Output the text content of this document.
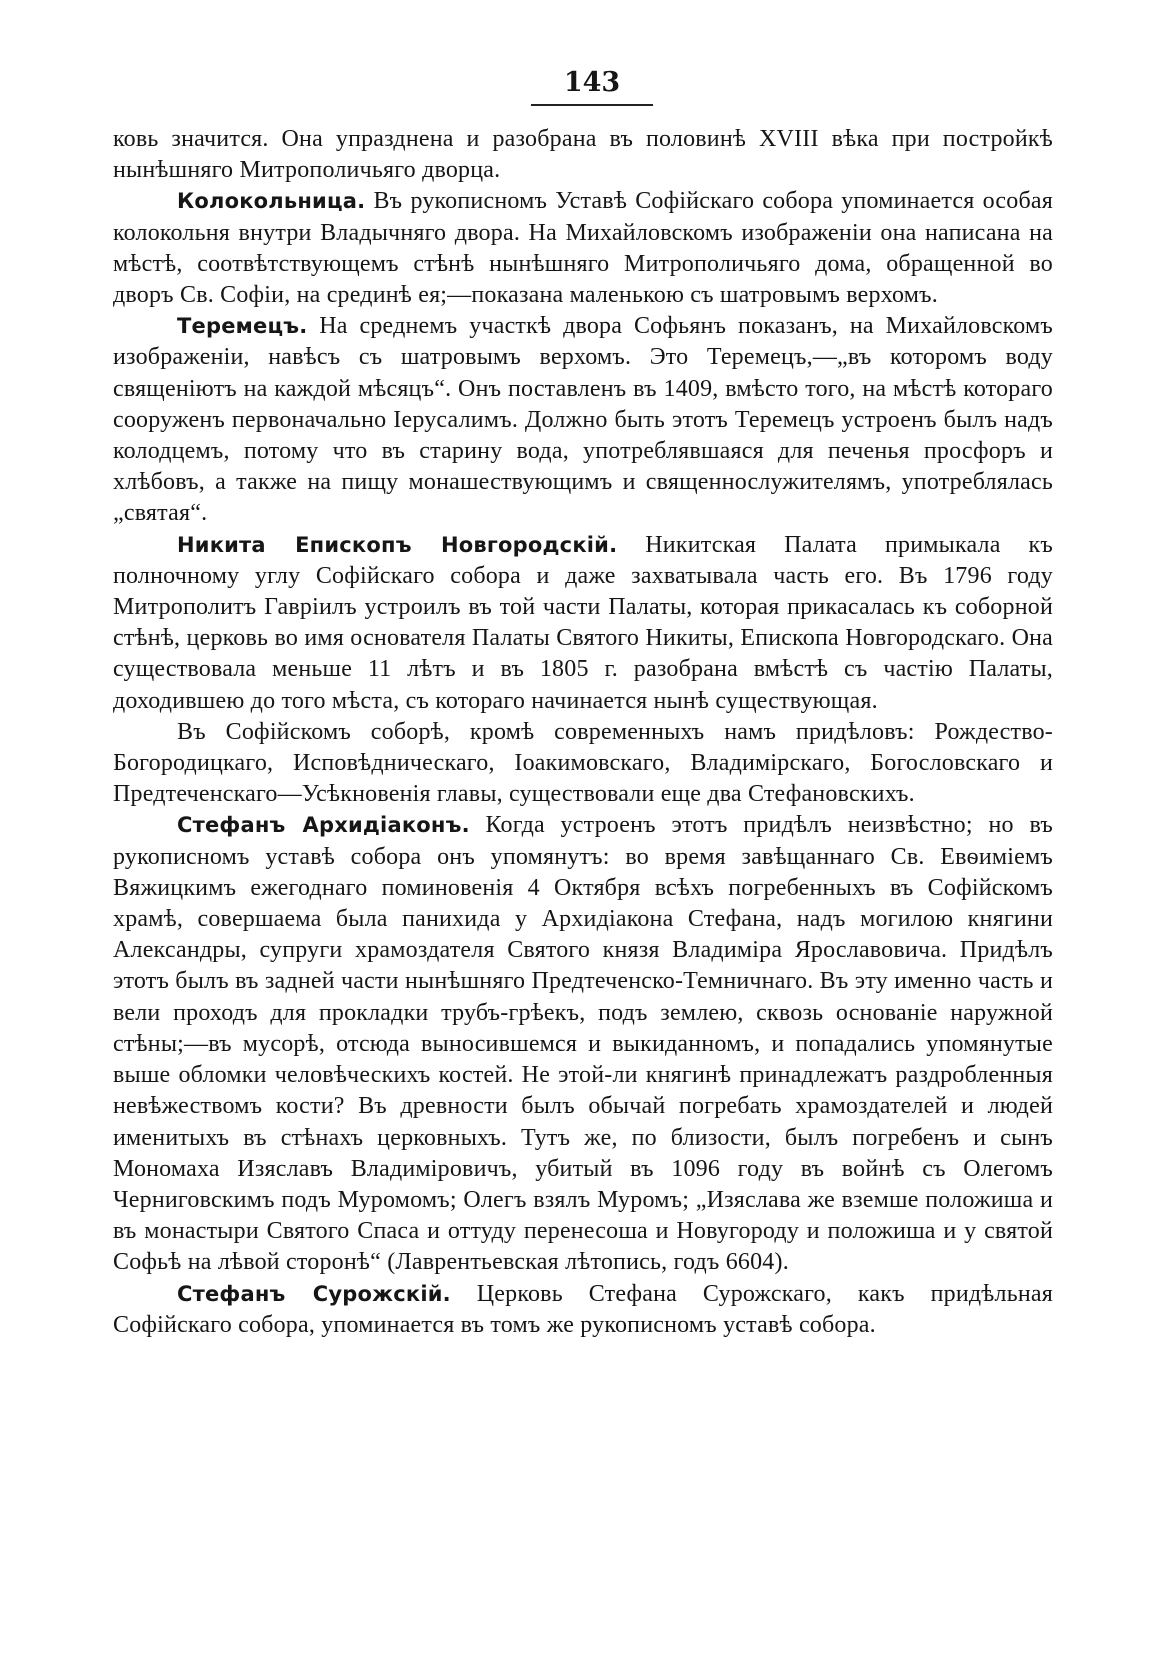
143

ковь значится. Она упразднена и разобрана въ половинѣ XVIII вѣка при постройкѣ нынѣшняго Митрополичьяго дворца.

Колокольница. Въ рукописномъ Уставѣ Софійскаго собора упоминается особая колокольня внутри Владычняго двора. На Михайловскомъ изображеніи она написана на мѣстѣ, соотвѣтствующемъ стѣнѣ нынѣшняго Митрополичьяго дома, обращенной во дворъ Св. Софіи, на срединѣ ея;—показана маленькою съ шатровымъ верхомъ.

Теремецъ. На среднемъ участкѣ двора Софьянъ показанъ, на Михайловскомъ изображеніи, навѣсъ съ шатровымъ верхомъ. Это Теремецъ,—„въ которомъ воду священіютъ на каждой мѣсяцъ“. Онъ поставленъ въ 1409, вмѣсто того, на мѣстѣ котораго сооруженъ первоначально Іерусалимъ. Должно быть этотъ Теремецъ устроенъ былъ надъ колодцемъ, потому что въ старину вода, употреблявшаяся для печенья просфоръ и хлѣбовъ, а также на пищу монашествующимъ и священнослужителямъ, употреблялась „святая“.

Никита Епископъ Новгородскій. Никитская Палата примыкала къ полночному углу Софійскаго собора и даже захватывала часть его. Въ 1796 году Митрополитъ Гавріилъ устроилъ въ той части Палаты, которая прикасалась къ соборной стѣнѣ, церковь во имя основателя Палаты Святого Никиты, Епископа Новгородскаго. Она существовала меньше 11 лѣтъ и въ 1805 г. разобрана вмѣстѣ съ частію Палаты, доходившею до того мѣста, съ котораго начинается нынѣ существующая.

Въ Софійскомъ соборѣ, кромѣ современныхъ намъ придѣловъ: Рождество-Богородицкаго, Исповѣдническаго, Іоакимовскаго, Владимірскаго, Богословскаго и Предтеченскаго—Усѣкновенія главы, существовали еще два Стефановскихъ.

Стефанъ Архидіаконъ. Когда устроенъ этотъ придѣлъ неизвѣстно; но въ рукописномъ уставѣ собора онъ упомянутъ: во время завѣщаннаго Св. Евѳиміемъ Вяжицкимъ ежегоднаго поминовенія 4 Октября всѣхъ погребенныхъ въ Софійскомъ храмѣ, совершаема была панихида у Архидіакона Стефана, надъ могилою княгини Александры, супруги храмоздателя Святого князя Владиміра Ярославовича. Придѣлъ этотъ былъ въ задней части нынѣшняго Предтеченско-Темничнаго. Въ эту именно часть и вели проходъ для прокладки трубъ-грѣекъ, подъ землею, сквозь основаніе наружной стѣны;—въ мусорѣ, отсюда выносившемся и выкиданномъ, и попадались упомянутые выше обломки человѣческихъ костей. Не этой-ли княгинѣ принадлежатъ раздробленныя невѣжествомъ кости? Въ древности былъ обычай погребать храмоздателей и людей именитыхъ въ стѣнахъ церковныхъ. Тутъ же, по близости, былъ погребенъ и сынъ Мономаха Изяславъ Владиміровичъ, убитый въ 1096 году въ войнѣ съ Олегомъ Черниговскимъ подъ Муромомъ; Олегъ взялъ Муромъ; „Изяслава же вземше положиша и въ монастыри Святого Спаса и оттуду перенесоша и Новугороду и положиша и у святой Софьѣ на лѣвой сторонѣ“ (Лаврентьевская лѣтопись, годъ 6604).

Стефанъ Сурожскій. Церковь Стефана Сурожскаго, какъ придѣльная Софійскаго собора, упоминается въ томъ же рукописномъ уставѣ собора.
